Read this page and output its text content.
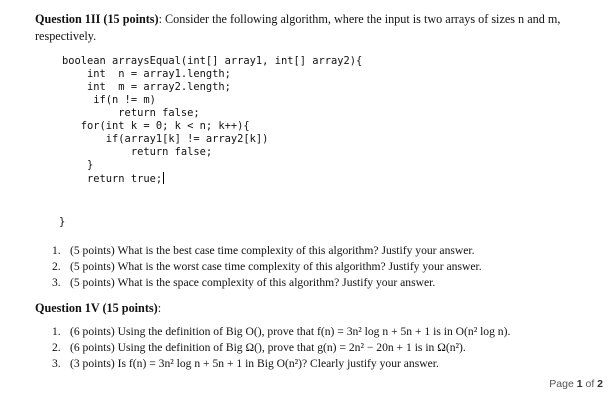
Question 1II (15 points): Consider the following algorithm, where the input is two arrays of sizes n and m,
respectively.
boolean arraysEqual(int[] array1, int[] array2){
int  n = array1.length;
int  m = array2.length;
if(n != m)
return false;
for(int k = 0; k < n; k++){
if(array1[k] != array2[k])
return false;
}
return true;
}
1. (5 points) What is the best case time complexity of this algorithm? Justify your answer.
2. (5 points) What is the worst case time complexity of this algorithm? Justify your answer.
3. (5 points) What is the space complexity of this algorithm? Justify your answer.
Question 1V (15 points):
1. (6 points) Using the definition of Big O(), prove that f(n) = 3n² log n + 5n + 1 is in O(n² log n).
2. (6 points) Using the definition of Big Ω(), prove that g(n) = 2n² − 20n + 1 is in Ω(n²).
3. (3 points) Is f(n) = 3n² log n + 5n + 1 in Big O(n²)? Clearly justify your answer.
Page 1 of 2
